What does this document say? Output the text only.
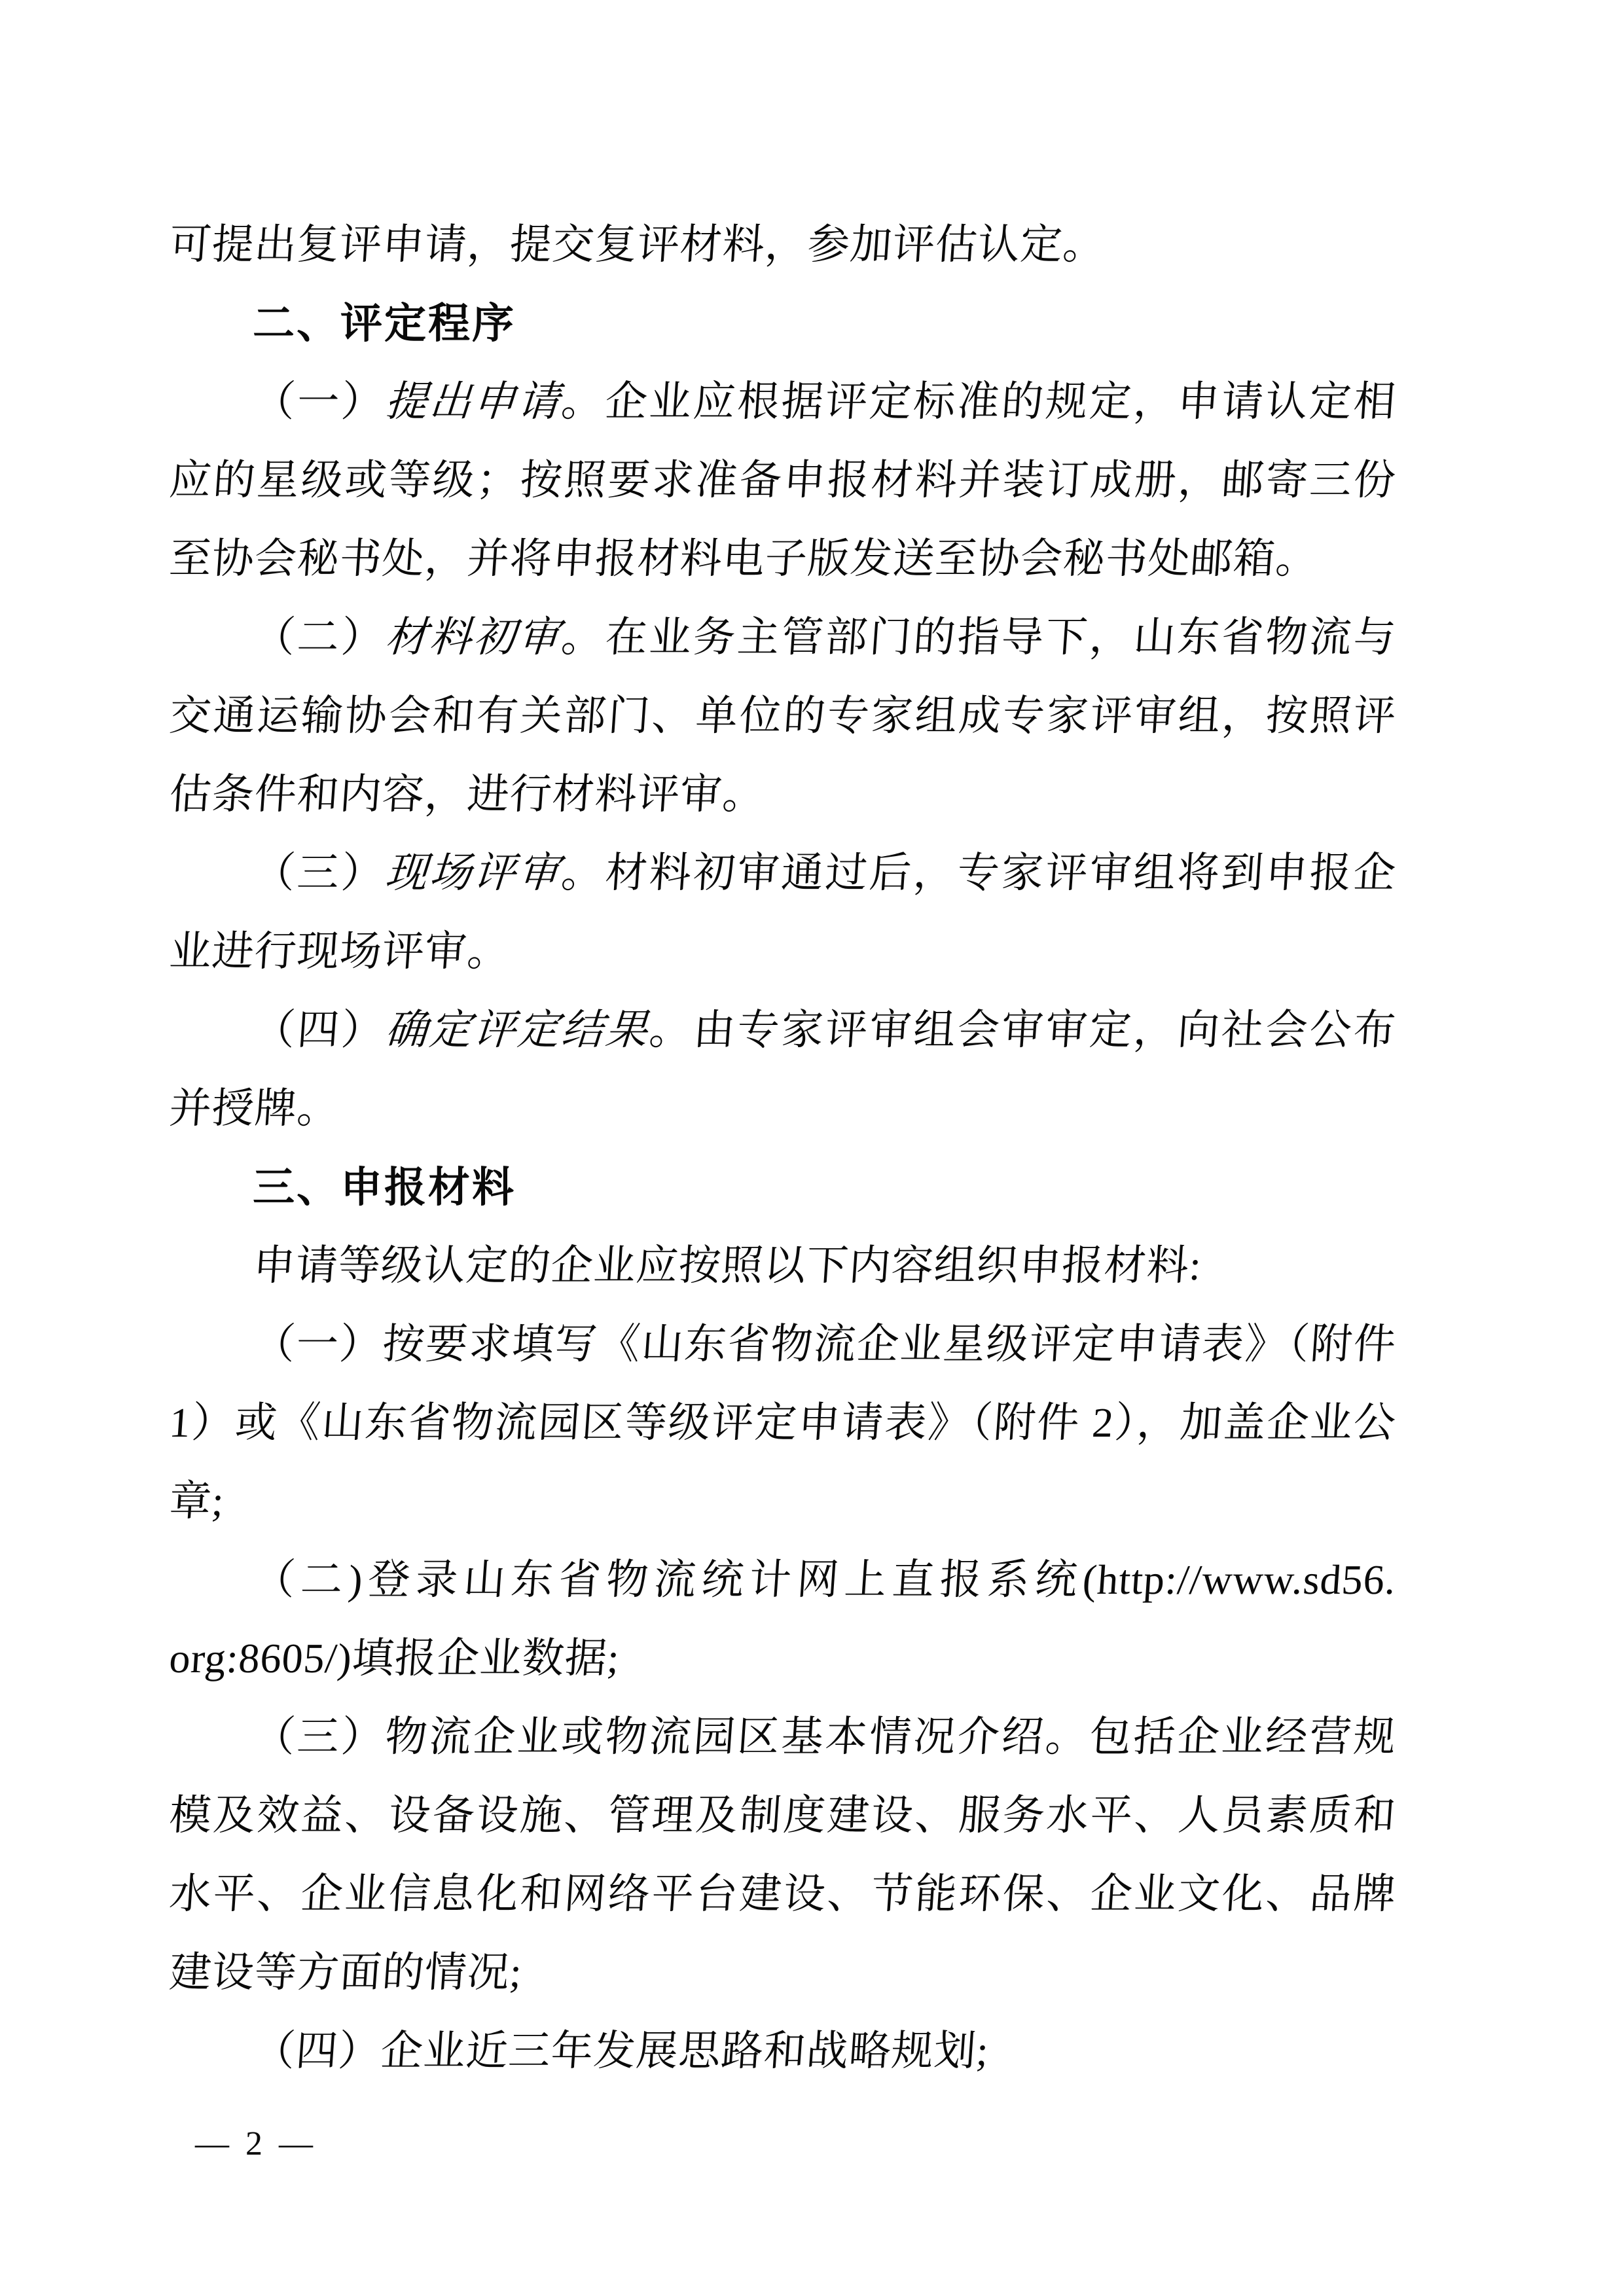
可提出复评申请，提交复评材料，参加评估认定。
二、评定程序
（一）提出申请。企业应根据评定标准的规定，申请认定相
应的星级或等级；按照要求准备申报材料并装订成册，邮寄三份
至协会秘书处，并将申报材料电子版发送至协会秘书处邮箱。
（二）材料初审。在业务主管部门的指导下，山东省物流与
交通运输协会和有关部门、单位的专家组成专家评审组，按照评
估条件和内容，进行材料评审。
（三）现场评审。材料初审通过后，专家评审组将到申报企
业进行现场评审。
（四）确定评定结果。由专家评审组会审审定，向社会公布
并授牌。
三、申报材料
申请等级认定的企业应按照以下内容组织申报材料:
（一）按要求填写《山东省物流企业星级评定申请表》（附件
1）或《山东省物流园区等级评定申请表》（附件 2），加盖企业公
章;
（二)登录山东省物流统计网上直报系统(http://www.sd56.
org:8605/)填报企业数据;
（三）物流企业或物流园区基本情况介绍。包括企业经营规
模及效益、设备设施、管理及制度建设、服务水平、人员素质和
水平、企业信息化和网络平台建设、节能环保、企业文化、品牌
建设等方面的情况;
（四）企业近三年发展思路和战略规划;
— 2 —
